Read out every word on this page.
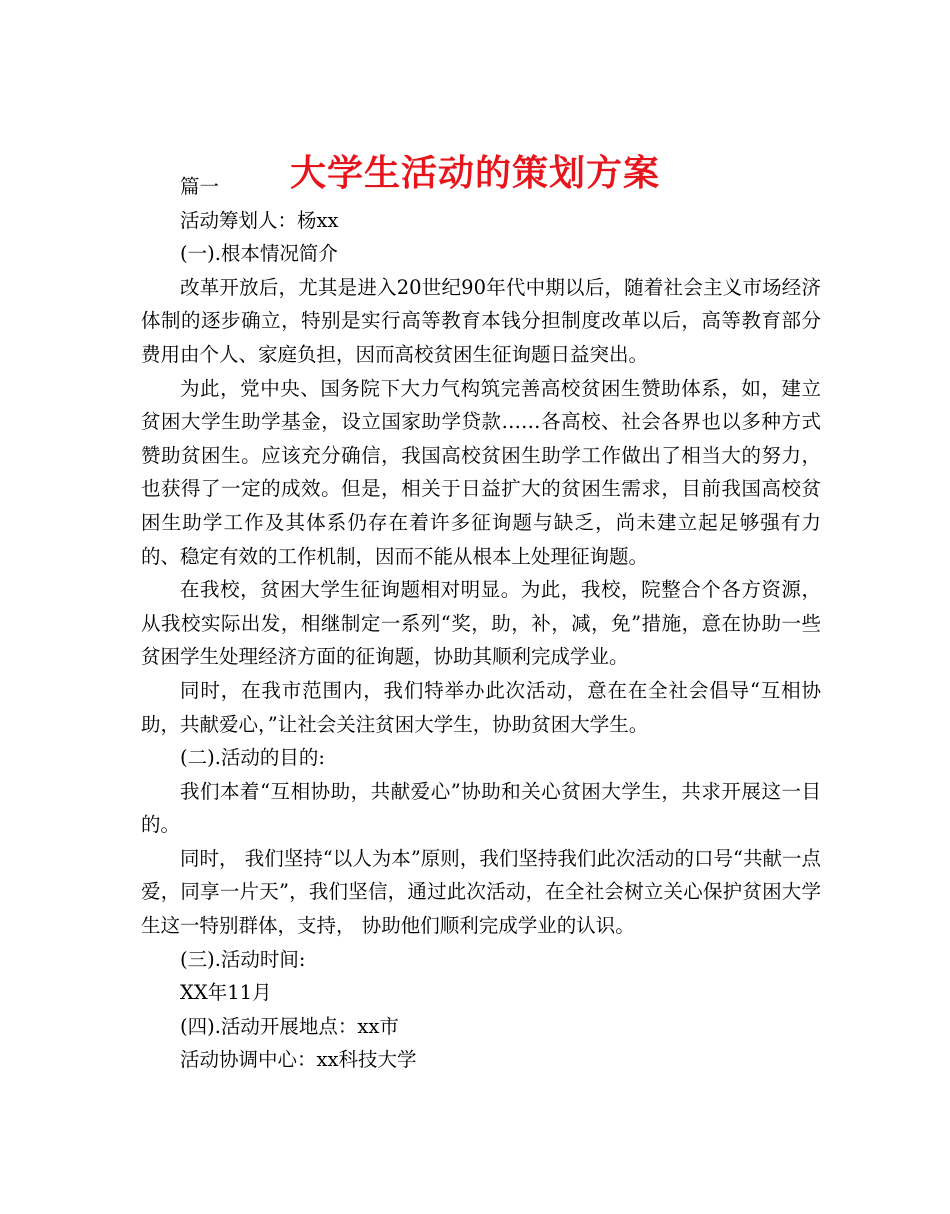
大学生活动的策划方案

篇一

活动筹划人：杨xx

(一).根本情况简介

改革开放后，尤其是进入20世纪90年代中期以后，随着社会主义市场经济体制的逐步确立，特别是实行高等教育本钱分担制度改革以后，高等教育部分费用由个人、家庭负担，因而高校贫困生征询题日益突出。

为此，党中央、国务院下大力气构筑完善高校贫困生赞助体系，如，建立贫困大学生助学基金，设立国家助学贷款……各高校、社会各界也以多种方式赞助贫困生。应该充分确信，我国高校贫困生助学工作做出了相当大的努力，也获得了一定的成效。但是，相关于日益扩大的贫困生需求，目前我国高校贫困生助学工作及其体系仍存在着许多征询题与缺乏，尚未建立起足够强有力的、稳定有效的工作机制，因而不能从根本上处理征询题。

在我校，贫困大学生征询题相对明显。为此，我校，院整合个各方资源，从我校实际出发，相继制定一系列“奖，助，补，减，免”措施，意在协助一些贫困学生处理经济方面的征询题，协助其顺利完成学业。

同时，在我市范围内，我们特举办此次活动，意在在全社会倡导“互相协助，共献爱心，”让社会关注贫困大学生，协助贫困大学生。

(二).活动的目的:

我们本着“互相协助，共献爱心”协助和关心贫困大学生，共求开展这一目的。

同时， 我们坚持“以人为本”原则，我们坚持我们此次活动的口号“共献一点爱，同享一片天”，我们坚信，通过此次活动，在全社会树立关心保护贫困大学生这一特别群体，支持， 协助他们顺利完成学业的认识。

(三).活动时间:

XX年11月

(四).活动开展地点：xx市

活动协调中心：xx科技大学
